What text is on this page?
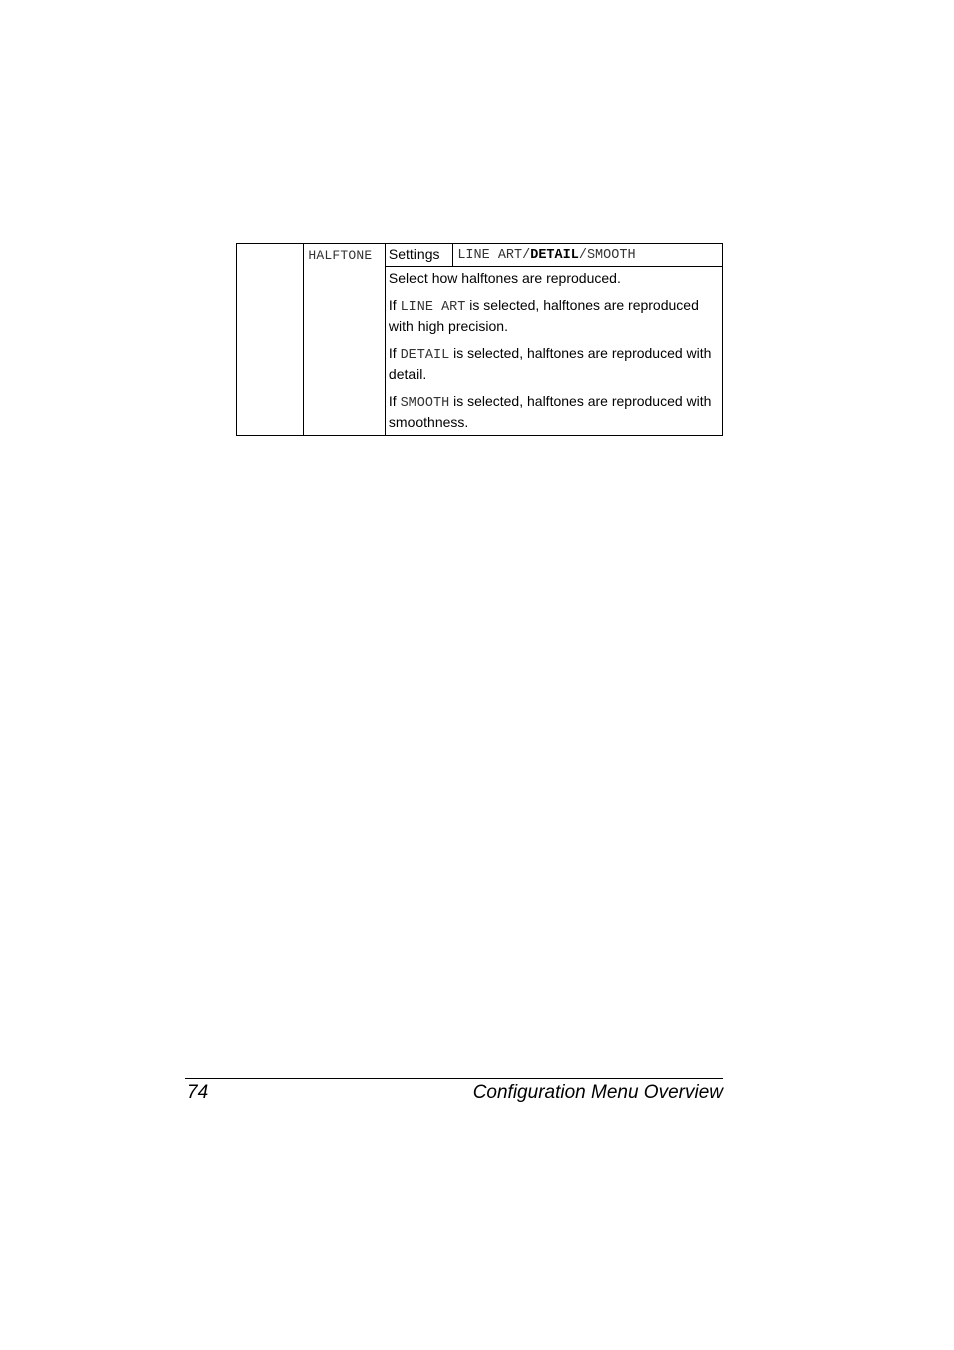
HALFTONE	Settings	LINE ART/DETAIL/SMOOTH

Select how halftones are reproduced.

If LINE ART is selected, halftones are reproduced with high precision.

If DETAIL is selected, halftones are reproduced with detail.

If SMOOTH is selected, halftones are reproduced with smoothness.

74	Configuration Menu Overview
